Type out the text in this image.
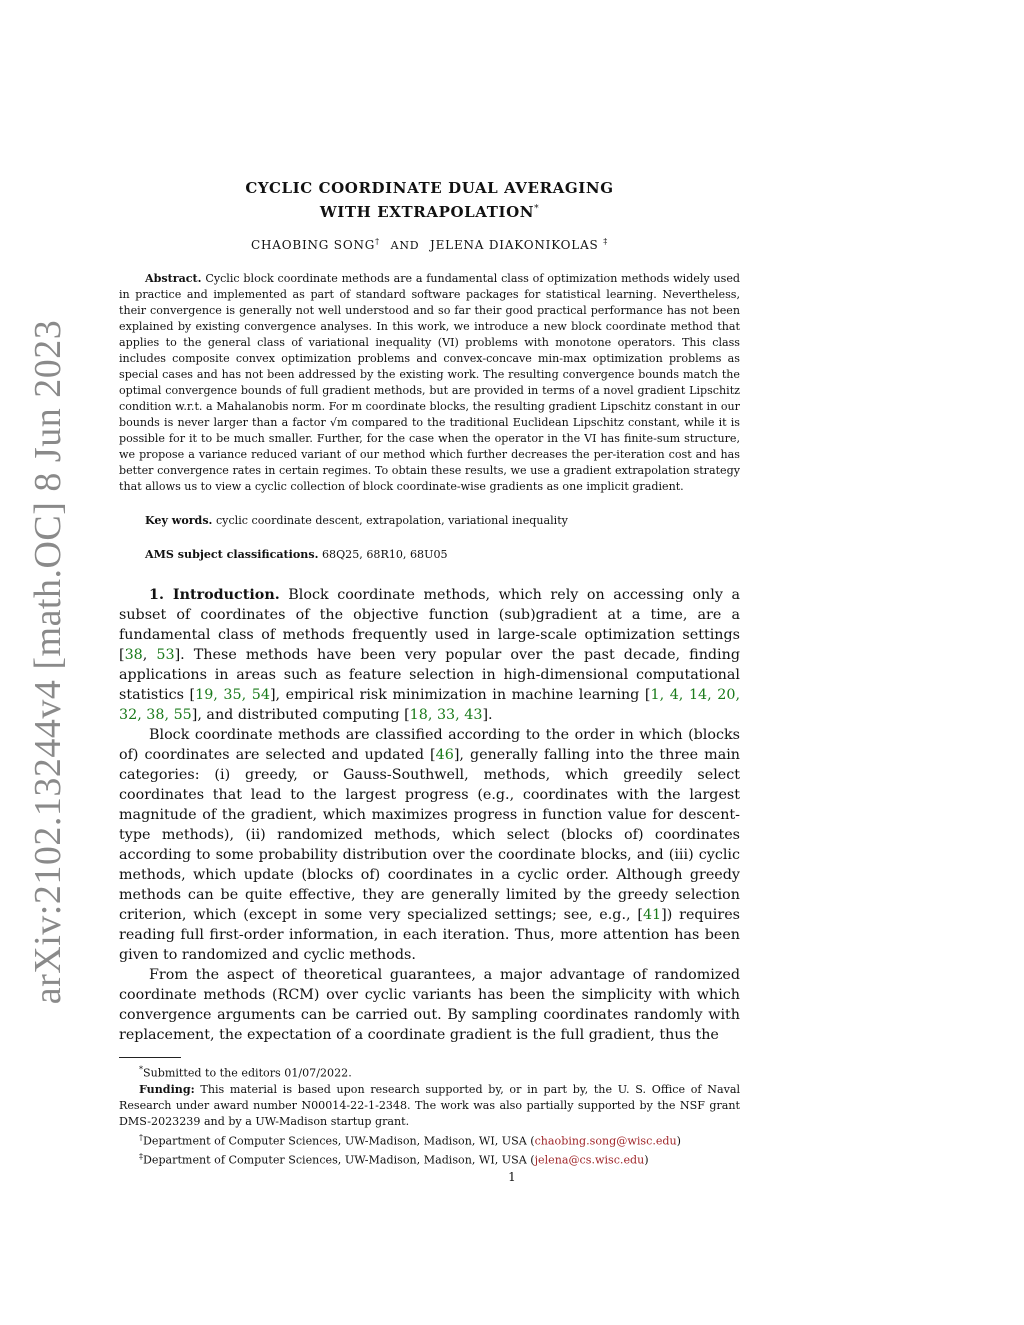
arXiv:2102.13244v4 [math.OC] 8 Jun 2023
CYCLIC COORDINATE DUAL AVERAGING
WITH EXTRAPOLATION*
CHAOBING SONG† AND JELENA DIAKONIKOLAS ‡
Abstract. Cyclic block coordinate methods are a fundamental class of optimization methods widely used in practice and implemented as part of standard software packages for statistical learning. Nevertheless, their convergence is generally not well understood and so far their good practical performance has not been explained by existing convergence analyses. In this work, we introduce a new block coordinate method that applies to the general class of variational inequality (VI) problems with monotone operators. This class includes composite convex optimization problems and convex-concave min-max optimization problems as special cases and has not been addressed by the existing work. The resulting convergence bounds match the optimal convergence bounds of full gradient methods, but are provided in terms of a novel gradient Lipschitz condition w.r.t. a Mahalanobis norm. For m coordinate blocks, the resulting gradient Lipschitz constant in our bounds is never larger than a factor √m compared to the traditional Euclidean Lipschitz constant, while it is possible for it to be much smaller. Further, for the case when the operator in the VI has finite-sum structure, we propose a variance reduced variant of our method which further decreases the per-iteration cost and has better convergence rates in certain regimes. To obtain these results, we use a gradient extrapolation strategy that allows us to view a cyclic collection of block coordinate-wise gradients as one implicit gradient.
Key words. cyclic coordinate descent, extrapolation, variational inequality
AMS subject classifications. 68Q25, 68R10, 68U05

1. Introduction. Block coordinate methods, which rely on accessing only a subset of coordinates of the objective function (sub)gradient at a time, are a fundamental class of methods frequently used in large-scale optimization settings [38, 53]. These methods have been very popular over the past decade, finding applications in areas such as feature selection in high-dimensional computational statistics [19, 35, 54], empirical risk minimization in machine learning [1, 4, 14, 20, 32, 38, 55], and distributed computing [18, 33, 43].

Block coordinate methods are classified according to the order in which (blocks of) coordinates are selected and updated [46], generally falling into the three main categories: (i) greedy, or Gauss-Southwell, methods, which greedily select coordinates that lead to the largest progress (e.g., coordinates with the largest magnitude of the gradient, which maximizes progress in function value for descent-type methods), (ii) randomized methods, which select (blocks of) coordinates according to some probability distribution over the coordinate blocks, and (iii) cyclic methods, which update (blocks of) coordinates in a cyclic order. Although greedy methods can be quite effective, they are generally limited by the greedy selection criterion, which (except in some very specialized settings; see, e.g., [41]) requires reading full first-order information, in each iteration. Thus, more attention has been given to randomized and cyclic methods.

From the aspect of theoretical guarantees, a major advantage of randomized coordinate methods (RCM) over cyclic variants has been the simplicity with which convergence arguments can be carried out. By sampling coordinates randomly with replacement, the expectation of a coordinate gradient is the full gradient, thus the

*Submitted to the editors 01/07/2022.

Funding: This material is based upon research supported by, or in part by, the U. S. Office of Naval Research under award number N00014-22-1-2348. The work was also partially supported by the NSF grant DMS-2023239 and by a UW-Madison startup grant.

†Department of Computer Sciences, UW-Madison, Madison, WI, USA (chaobing.song@wisc.edu)

‡Department of Computer Sciences, UW-Madison, Madison, WI, USA (jelena@cs.wisc.edu)

1
